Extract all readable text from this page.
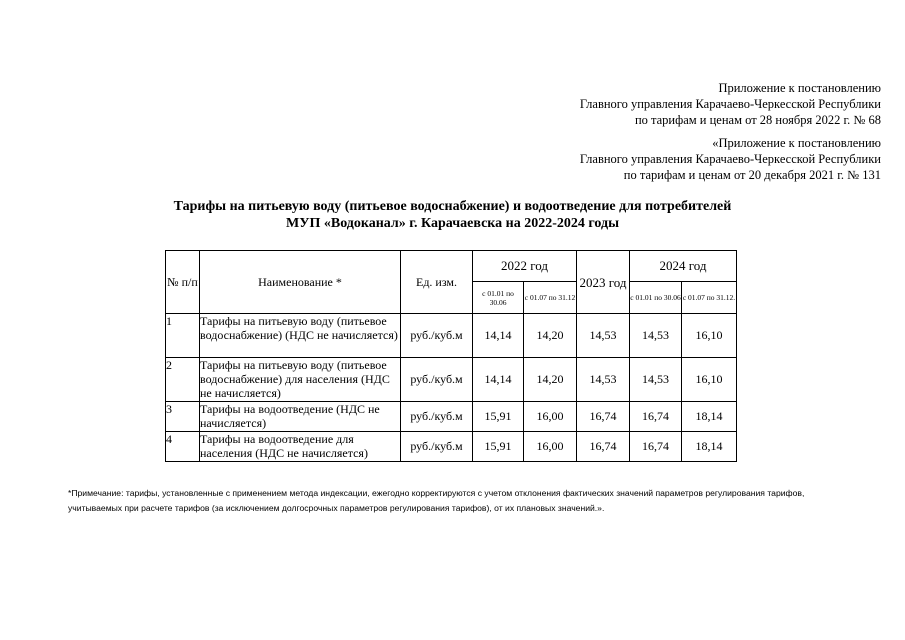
Приложение к постановлению
Главного управления Карачаево-Черкесской Республики
по тарифам и ценам от 28 ноября 2022 г. № 68
«Приложение к постановлению
Главного управления Карачаево-Черкесской Республики
по тарифам и ценам от 20 декабря 2021 г. № 131
Тарифы на питьевую воду (питьевое водоснабжение) и водоотведение для потребителей
МУП «Водоканал» г. Карачаевска на 2022-2024 годы
№ п/п	Наименование *	Ед. изм.	2022 год		2023 год	2024 год	
			с 01.01 по 30.06	с 01.07 по 31.12		с 01.01 по 30.06	с 01.07 по 31.12.
1	Тарифы на питьевую воду (питьевое водоснабжение) (НДС не начисляется)	руб./куб.м	14,14	14,20	14,53	14,53	16,10
2	Тарифы на питьевую воду (питьевое водоснабжение) для населения (НДС не начисляется)	руб./куб.м	14,14	14,20	14,53	14,53	16,10
3	Тарифы на водоотведение (НДС не начисляется)	руб./куб.м	15,91	16,00	16,74	16,74	18,14
4	Тарифы на водоотведение для населения (НДС не начисляется)	руб./куб.м	15,91	16,00	16,74	16,74	18,14
*Примечание: тарифы, установленные с применением метода индексации, ежегодно корректируются с учетом отклонения фактических значений параметров регулирования тарифов,
учитываемых при расчете тарифов (за исключением долгосрочных параметров регулирования тарифов), от их плановых значений.».
